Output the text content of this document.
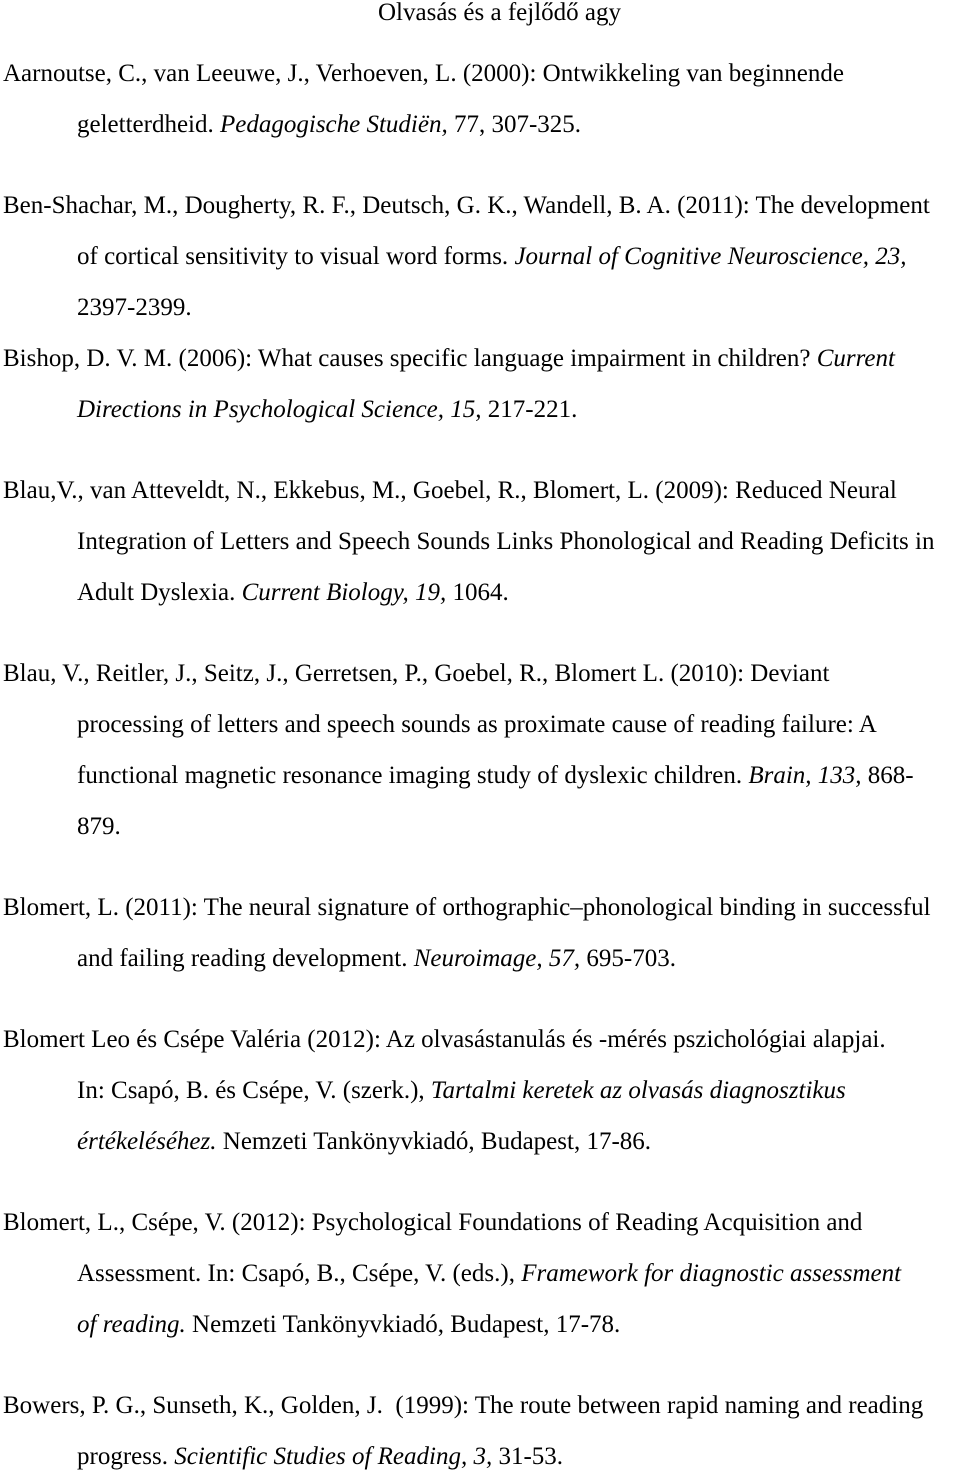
Olvasás és a fejlődő agy
Aarnoutse, C., van Leeuwe, J., Verhoeven, L. (2000): Ontwikkeling van beginnende
geletterdheid. Pedagogische Studiën, 77, 307-325.
Ben-Shachar, M., Dougherty, R. F., Deutsch, G. K., Wandell, B. A. (2011): The development
of cortical sensitivity to visual word forms. Journal of Cognitive Neuroscience, 23,
2397-2399.
Bishop, D. V. M. (2006): What causes specific language impairment in children? Current
Directions in Psychological Science, 15, 217-221.
Blau,V., van Atteveldt, N., Ekkebus, M., Goebel, R., Blomert, L. (2009): Reduced Neural
Integration of Letters and Speech Sounds Links Phonological and Reading Deficits in
Adult Dyslexia. Current Biology, 19, 1064.
Blau, V., Reitler, J., Seitz, J., Gerretsen, P., Goebel, R., Blomert L. (2010): Deviant
processing of letters and speech sounds as proximate cause of reading failure: A
functional magnetic resonance imaging study of dyslexic children. Brain, 133, 868-
879.
Blomert, L. (2011): The neural signature of orthographic–phonological binding in successful
and failing reading development. Neuroimage, 57, 695-703.
Blomert Leo és Csépe Valéria (2012): Az olvasástanulás és -mérés pszichológiai alapjai.
In: Csapó, B. és Csépe, V. (szerk.), Tartalmi keretek az olvasás diagnosztikus
értékeléséhez. Nemzeti Tankönyvkiadó, Budapest, 17-86.
Blomert, L., Csépe, V. (2012): Psychological Foundations of Reading Acquisition and
Assessment. In: Csapó, B., Csépe, V. (eds.), Framework for diagnostic assessment
of reading. Nemzeti Tankönyvkiadó, Budapest, 17-78.
Bowers, P. G., Sunseth, K., Golden, J.  (1999): The route between rapid naming and reading
progress. Scientific Studies of Reading, 3, 31-53.
